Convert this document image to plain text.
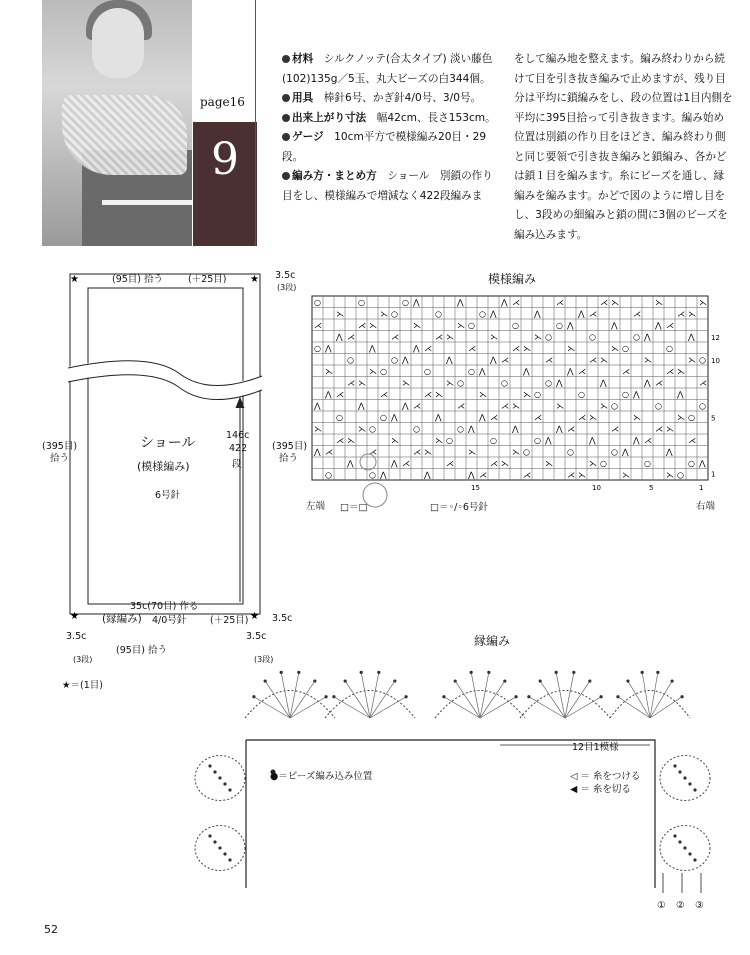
page16
9
材料　 シルクノッテ(合太タイプ) 淡い藤色(102)135g／5玉、丸大ビーズの白344個。
用具　 棒針6号、かぎ針4/0号、3/0号。
出来上がり寸法　 幅42cm、長さ153cm。
ゲージ　 10cm平方で模様編み20目・29段。
編み方・まとめ方　 ショール　別鎖の作り目をし、模様編みで増減なく422段編みま　
をして編み地を整えます。編み終わりから続けて目を引き抜き編みで止めますが、残り目分は平均に鎖編みをし、段の位置は1目内側を平均に395目拾って引き抜きます。編み始め位置は別鎖の作り目をほどき、編み終わり側と同じ要領で引き抜き編みと鎖編み、各かどは鎖１目を編みます。糸にビーズを通し、縁編みを編みます。かどで図のように増し目をし、3段めの細編みと鎖の間に3個のビーズを編み込みます。
★	★
★	★
(95目) 拾う	(＋25目)	3.5c
(3段)
(395目)
拾う
(395目)
拾う
ショール
(模様編み)
6号針
146c
422
段
35c(70目) 作る
(縁編み) 4/0号針 (＋25目) 3.5c
3.5c	3.5c
(95目) 拾う
(3段)	(3段)
★＝(1目)
模様編み
○	○	○ ⋀	⋀	⋀ ⋌	⋌	⋌ ⋋	⋋	⋋
⋋	⋋ ○	○	○ ⋀	⋀	⋀ ⋌	⋌	⋌ ⋋
⋌	⋌ ⋋	⋋	⋋ ○	○	○ ⋀	⋀	⋀ ⋌
⋀ ⋌	⋌	⋌ ⋋	⋋	⋋ ○	○	○ ⋀	⋀
○ ⋀	⋀	⋀ ⋌	⋌	⋌ ⋋	⋋	⋋ ○	○
○	○ ⋀	⋀	⋀ ⋌	⋌	⋌ ⋋	⋋	⋋ ○
⋋	⋋ ○	○	○ ⋀	⋀	⋀ ⋌	⋌	⋌ ⋋
⋌ ⋋	⋋	⋋ ○	○	○ ⋀	⋀	⋀ ⋌	⋌
⋀ ⋌	⋌	⋌ ⋋	⋋	⋋ ○	○	○ ⋀	⋀
⋀	⋀	⋀ ⋌	⋌	⋌ ⋋	⋋	⋋ ○	○	○
○	○ ⋀	⋀	⋀ ⋌	⋌	⋌ ⋋	⋋	⋋ ○
⋋	⋋ ○	○	○ ⋀	⋀	⋀ ⋌	⋌	⋌ ⋋
⋌ ⋋	⋋	⋋ ○	○	○ ⋀	⋀	⋀ ⋌	⋌
⋀ ⋌	⋌	⋌ ⋋	⋋	⋋ ○	○	○ ⋀	⋀
⋀	⋀ ⋌	⋌	⋌ ⋋	⋋	⋋ ○	○	○ ⋀
○	○ ⋀	⋀	⋀ ⋌	⋌	⋌ ⋋	⋋	⋋ ○
15	10	5	1
12
10
5
1
左端	右端
□＝□	□＝◦/◦6号針
縁編み
12目1模様
●＝ビーズ編み込み位置	◁ ＝ 糸をつける
◀ ＝ 糸を切る
① ② ③
52
